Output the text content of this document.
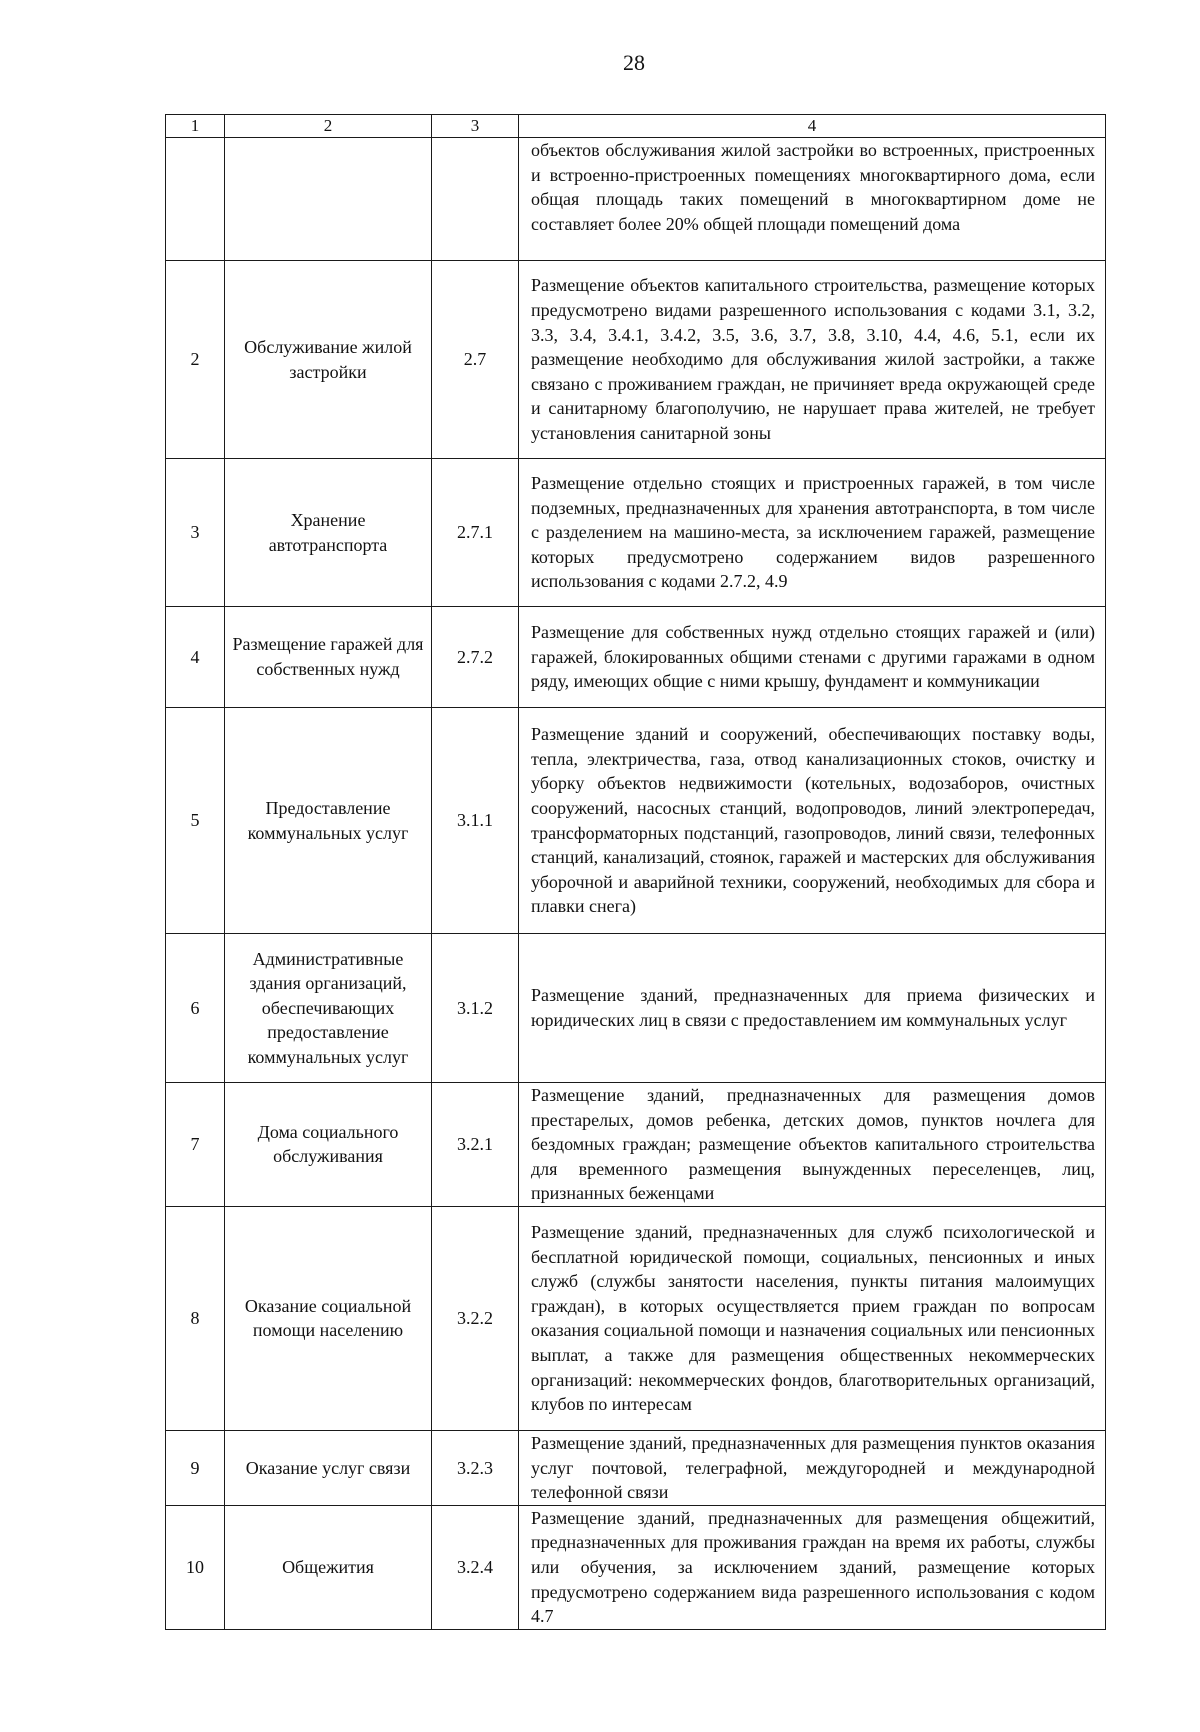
28
1	2	3	4
			объектов обслуживания жилой застройки во встроенных, пристроенных и встроенно-пристроенных помещениях многоквартирного дома, если общая площадь таких помещений в многоквартирном доме не составляет более 20% общей площади помещений дома
2	Обслуживание жилой застройки	2.7	Размещение объектов капитального строительства, размещение которых предусмотрено видами разрешенного использования с кодами 3.1, 3.2, 3.3, 3.4, 3.4.1, 3.4.2, 3.5, 3.6, 3.7, 3.8, 3.10, 4.4, 4.6, 5.1, если их размещение необходимо для обслуживания жилой застройки, а также связано с проживанием граждан, не причиняет вреда окружающей среде и санитарному благополучию, не нарушает права жителей, не требует установления санитарной зоны
3	Хранение автотранспорта	2.7.1	Размещение отдельно стоящих и пристроенных гаражей, в том числе подземных, предназначенных для хранения автотранспорта, в том числе с разделением на машино-места, за исключением гаражей, размещение которых предусмотрено содержанием видов разрешенного использования с кодами 2.7.2, 4.9
4	Размещение гаражей для собственных нужд	2.7.2	Размещение для собственных нужд отдельно стоящих гаражей и (или) гаражей, блокированных общими стенами с другими гаражами в одном ряду, имеющих общие с ними крышу, фундамент и коммуникации
5	Предоставление коммунальных услуг	3.1.1	Размещение зданий и сооружений, обеспечивающих поставку воды, тепла, электричества, газа, отвод канализационных стоков, очистку и уборку объектов недвижимости (котельных, водозаборов, очистных сооружений, насосных станций, водопроводов, линий электропередач, трансформаторных подстанций, газопроводов, линий связи, телефонных станций, канализаций, стоянок, гаражей и мастерских для обслуживания уборочной и аварийной техники, сооружений, необходимых для сбора и плавки снега)
6	Административные здания организаций, обеспечивающих предоставление коммунальных услуг	3.1.2	Размещение зданий, предназначенных для приема физических и юридических лиц в связи с предоставлением им коммунальных услуг
7	Дома социального обслуживания	3.2.1	Размещение зданий, предназначенных для размещения домов престарелых, домов ребенка, детских домов, пунктов ночлега для бездомных граждан; размещение объектов капитального строительства для временного размещения вынужденных переселенцев, лиц, признанных беженцами
8	Оказание социальной помощи населению	3.2.2	Размещение зданий, предназначенных для служб психологической и бесплатной юридической помощи, социальных, пенсионных и иных служб (службы занятости населения, пункты питания малоимущих граждан), в которых осуществляется прием граждан по вопросам оказания социальной помощи и назначения социальных или пенсионных выплат, а также для размещения общественных некоммерческих организаций: некоммерческих фондов, благотворительных организаций, клубов по интересам
9	Оказание услуг связи	3.2.3	Размещение зданий, предназначенных для размещения пунктов оказания услуг почтовой, телеграфной, междугородней и международной телефонной связи
10	Общежития	3.2.4	Размещение зданий, предназначенных для размещения общежитий, предназначенных для проживания граждан на время их работы, службы или обучения, за исключением зданий, размещение которых предусмотрено содержанием вида разрешенного использования с кодом 4.7
